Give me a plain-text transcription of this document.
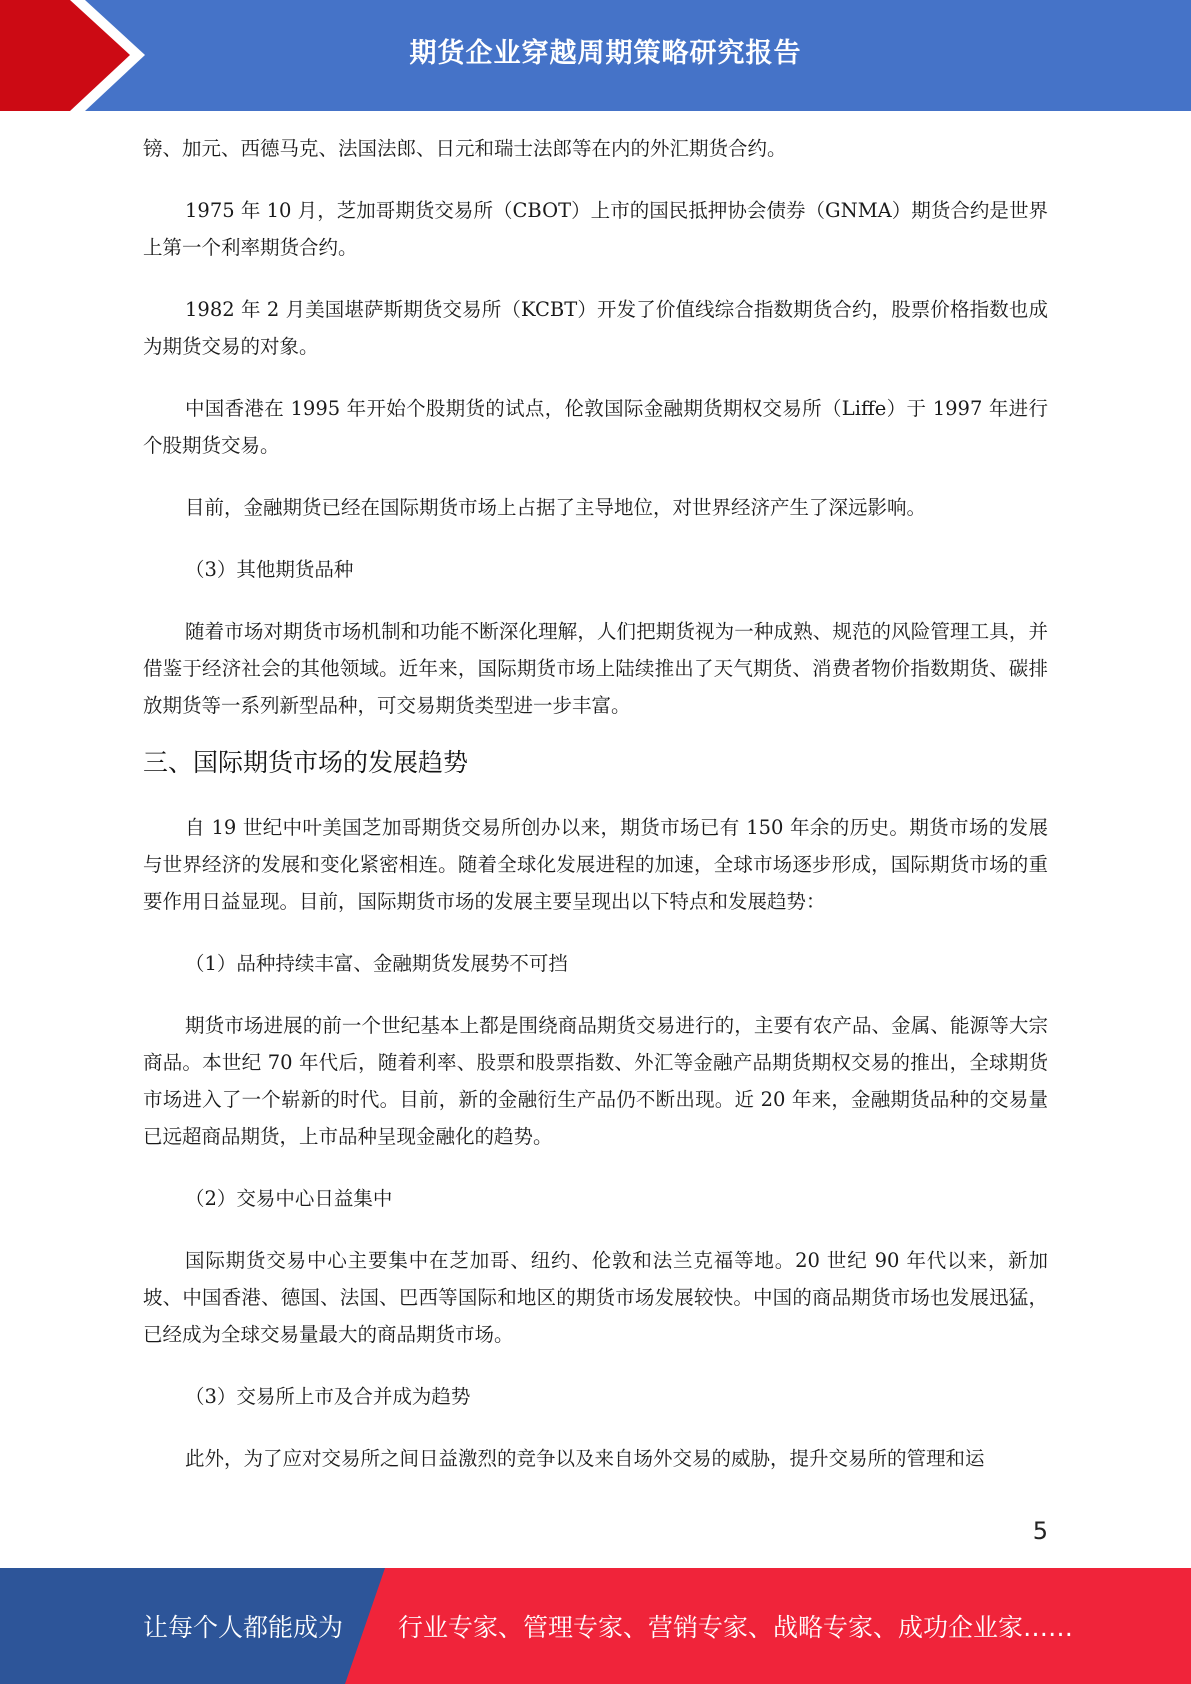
期货企业穿越周期策略研究报告

镑、加元、西德马克、法国法郎、日元和瑞士法郎等在内的外汇期货合约。

1975 年 10 月，芝加哥期货交易所（CBOT）上市的国民抵押协会债券（GNMA）期货合约是世界上第一个利率期货合约。

1982 年 2 月美国堪萨斯期货交易所（KCBT）开发了价值线综合指数期货合约，股票价格指数也成为期货交易的对象。

中国香港在 1995 年开始个股期货的试点，伦敦国际金融期货期权交易所（Liffe）于 1997 年进行个股期货交易。

目前，金融期货已经在国际期货市场上占据了主导地位，对世界经济产生了深远影响。

（3）其他期货品种

随着市场对期货市场机制和功能不断深化理解，人们把期货视为一种成熟、规范的风险管理工具，并借鉴于经济社会的其他领域。近年来，国际期货市场上陆续推出了天气期货、消费者物价指数期货、碳排放期货等一系列新型品种，可交易期货类型进一步丰富。

三、国际期货市场的发展趋势

自 19 世纪中叶美国芝加哥期货交易所创办以来，期货市场已有 150 年余的历史。期货市场的发展与世界经济的发展和变化紧密相连。随着全球化发展进程的加速，全球市场逐步形成，国际期货市场的重要作用日益显现。目前，国际期货市场的发展主要呈现出以下特点和发展趋势：

（1）品种持续丰富、金融期货发展势不可挡

期货市场进展的前一个世纪基本上都是围绕商品期货交易进行的，主要有农产品、金属、能源等大宗商品。本世纪 70 年代后，随着利率、股票和股票指数、外汇等金融产品期货期权交易的推出，全球期货市场进入了一个崭新的时代。目前，新的金融衍生产品仍不断出现。近 20 年来，金融期货品种的交易量已远超商品期货，上市品种呈现金融化的趋势。

（2）交易中心日益集中

国际期货交易中心主要集中在芝加哥、纽约、伦敦和法兰克福等地。20 世纪 90 年代以来，新加坡、中国香港、德国、法国、巴西等国际和地区的期货市场发展较快。中国的商品期货市场也发展迅猛，已经成为全球交易量最大的商品期货市场。

（3）交易所上市及合并成为趋势

此外，为了应对交易所之间日益激烈的竞争以及来自场外交易的威胁，提升交易所的管理和运

5
让每个人都能成为 行业专家、管理专家、营销专家、战略专家、成功企业家……
